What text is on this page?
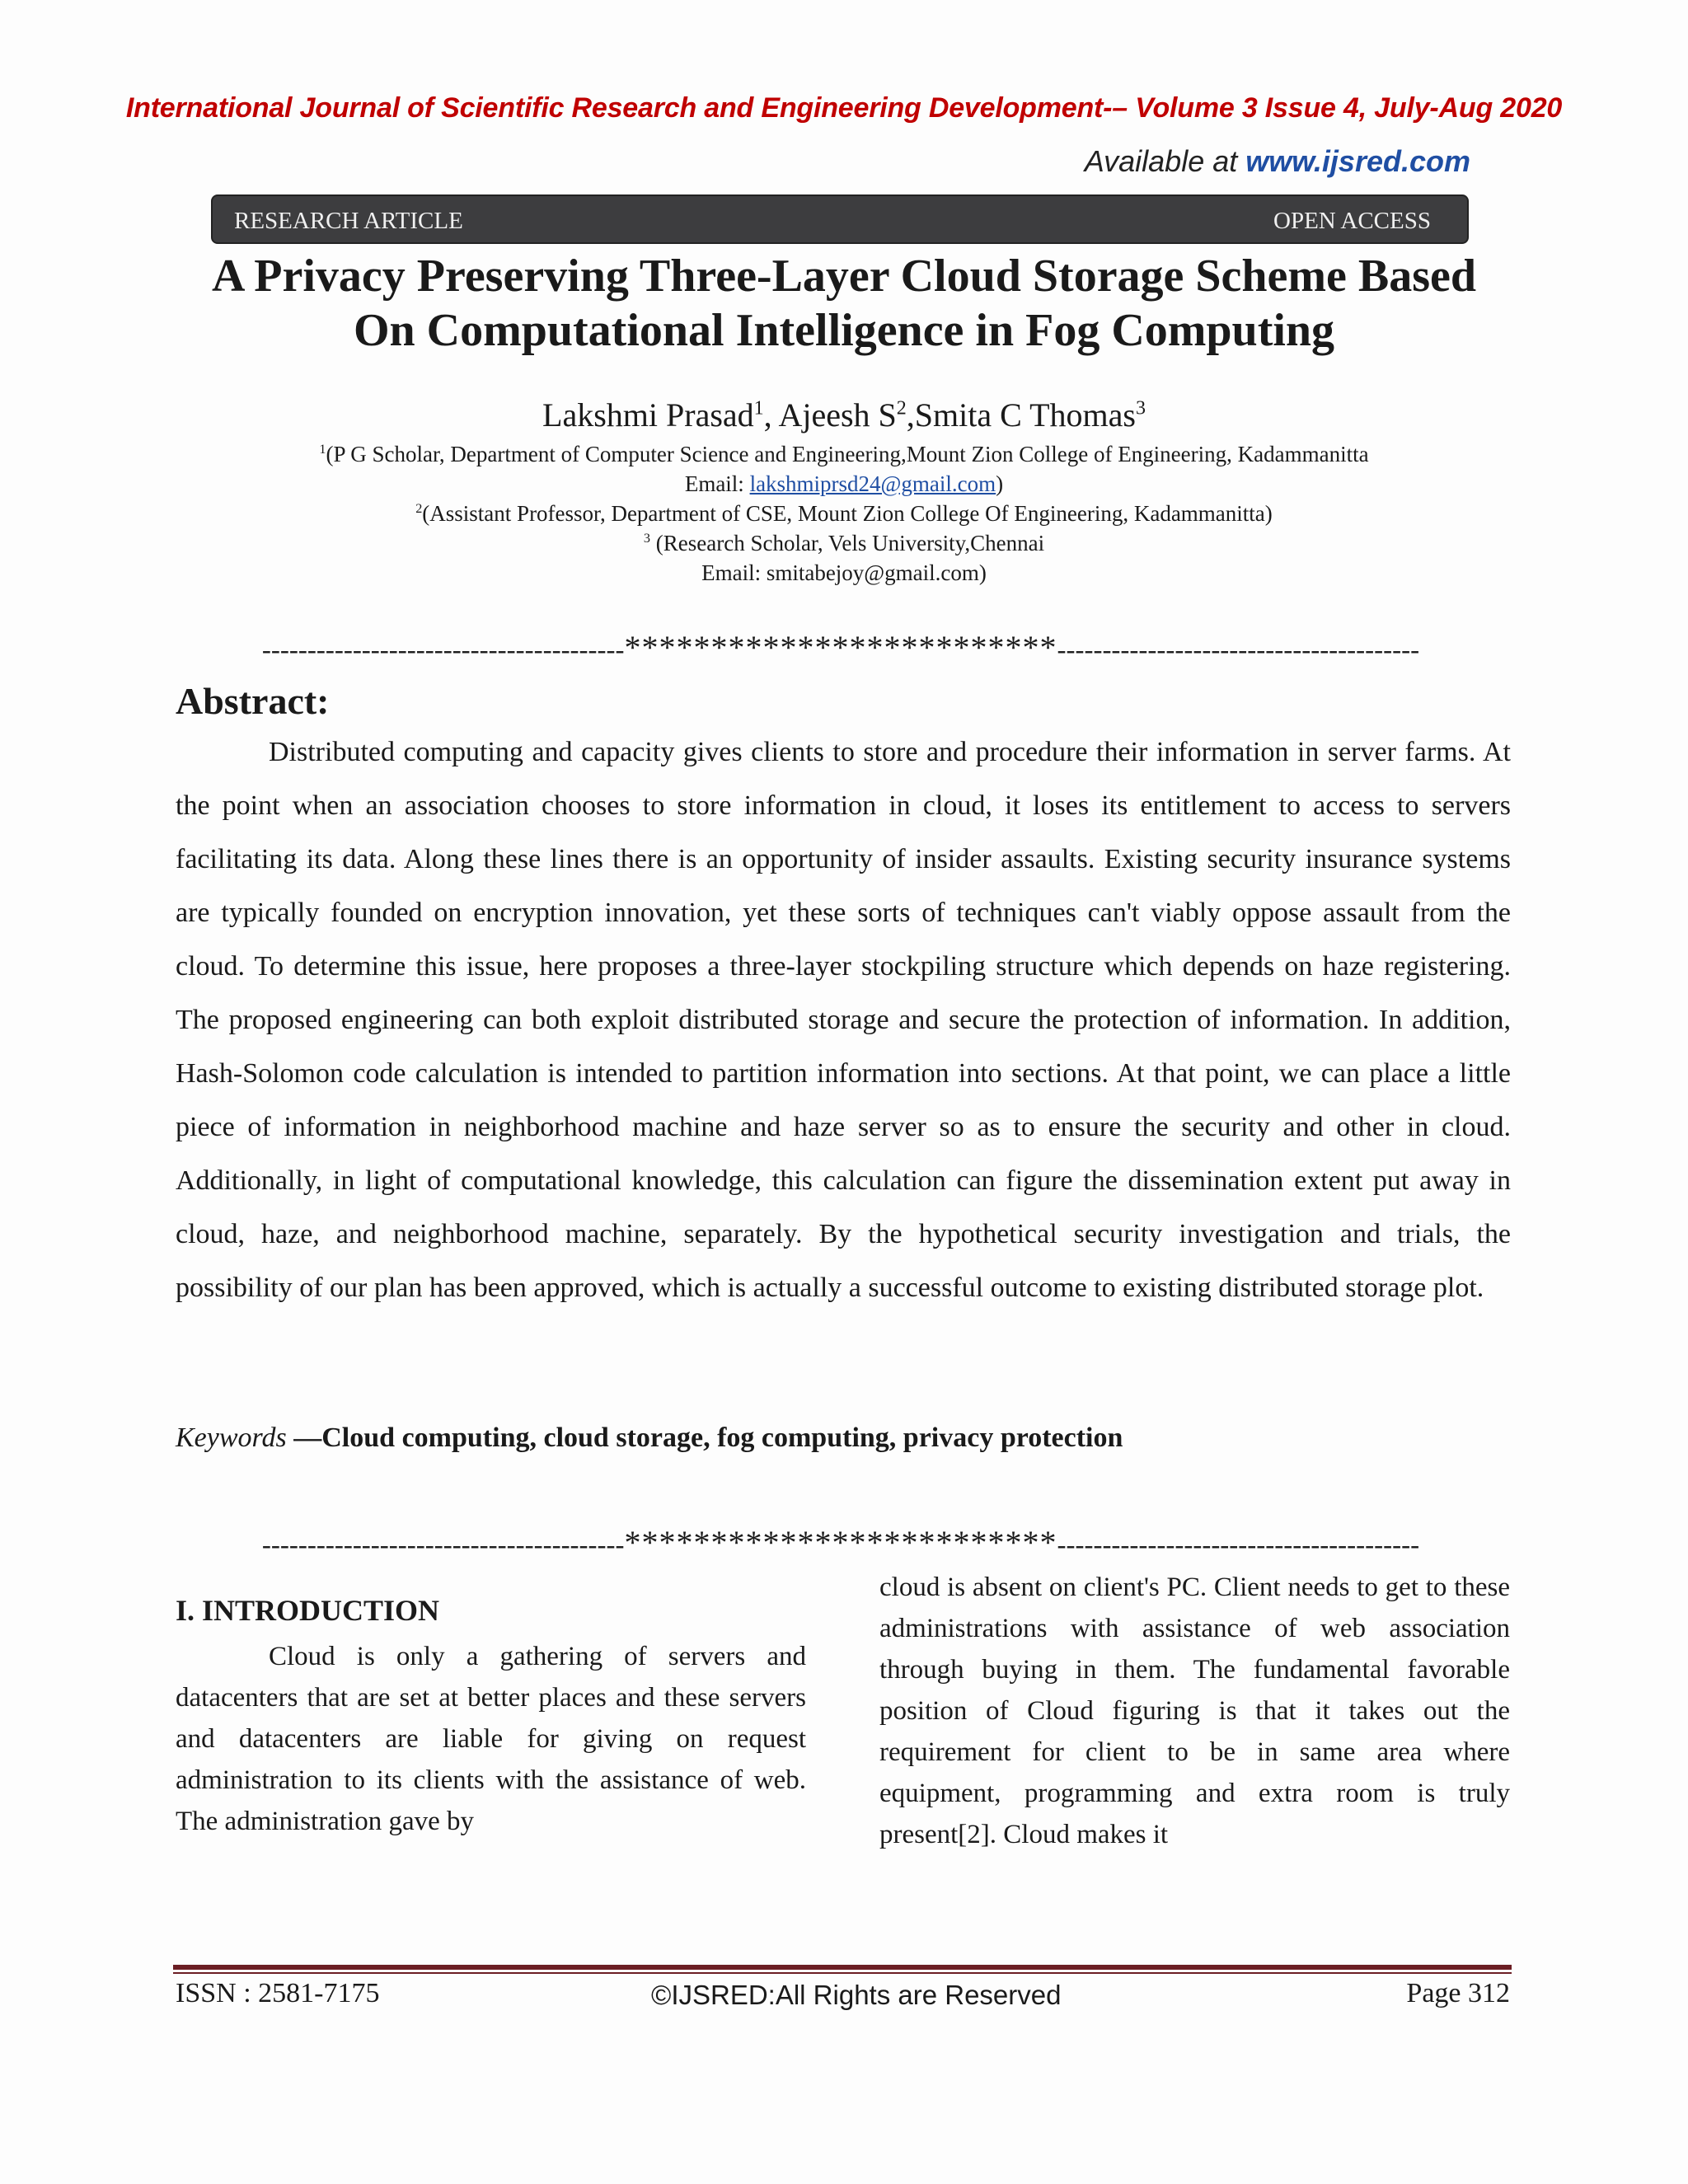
International Journal of Scientific Research and Engineering Development-– Volume 3 Issue 4, July-Aug 2020
Available at www.ijsred.com
RESEARCH ARTICLE	OPEN ACCESS
A Privacy Preserving Three-Layer Cloud Storage Scheme Based
On Computational Intelligence in Fog Computing
Lakshmi Prasad$^1$, Ajeesh $S^2,Smita$ C Thomas$^3$
$^1$(P G Scholar, Department of Computer Science and Engineering,Mount Zion College of Engineering, Kadammanitta
Email: lakshmiprsd24@gmail.com)
$^2$(Assistant Professor, Department of CSE, Mount Zion College Of Engineering, Kadammanitta)
$^3$ (Research Scholar, Vels University,Chennai
Email: smitabejoy@gmail.com)
----------------------------------------*************************----------------------------------------
Abstract:

Distributed computing and capacity gives clients to store and procedure their information in server farms. At the point when an association chooses to store information in cloud, it loses its entitlement to access to servers facilitating its data. Along these lines there is an opportunity of insider assaults. Existing security insurance systems are typically founded on encryption innovation, yet these sorts of techniques can't viably oppose assault from the cloud. To determine this issue, here proposes a three-layer stockpiling structure which depends on haze registering. The proposed engineering can both exploit distributed storage and secure the protection of information. In addition, Hash-Solomon code calculation is intended to partition information into sections. At that point, we can place a little piece of information in neighborhood machine and haze server so as to ensure the security and other in cloud. Additionally, in light of computational knowledge, this calculation can figure the dissemination extent put away in cloud, haze, and neighborhood machine, separately. By the hypothetical security investigation and trials, the possibility of our plan has been approved, which is actually a successful outcome to existing distributed storage plot.

Keywords —Cloud computing, cloud storage, fog computing, privacy protection
----------------------------------------*************************----------------------------------------
I. INTRODUCTION
Cloud is only a gathering of servers and datacenters that are set at better places and these servers and datacenters are liable for giving on request administration to its clients with the assistance of web. The administration gave by
cloud is absent on client's PC. Client needs to get to these administrations with assistance of web association through buying in them. The fundamental favorable position of Cloud figuring is that it takes out the requirement for client to be in same area where equipment, programming and extra room is truly present[2]. Cloud makes it
ISSN : 2581-7175	©IJSRED:All Rights are Reserved	Page 312
